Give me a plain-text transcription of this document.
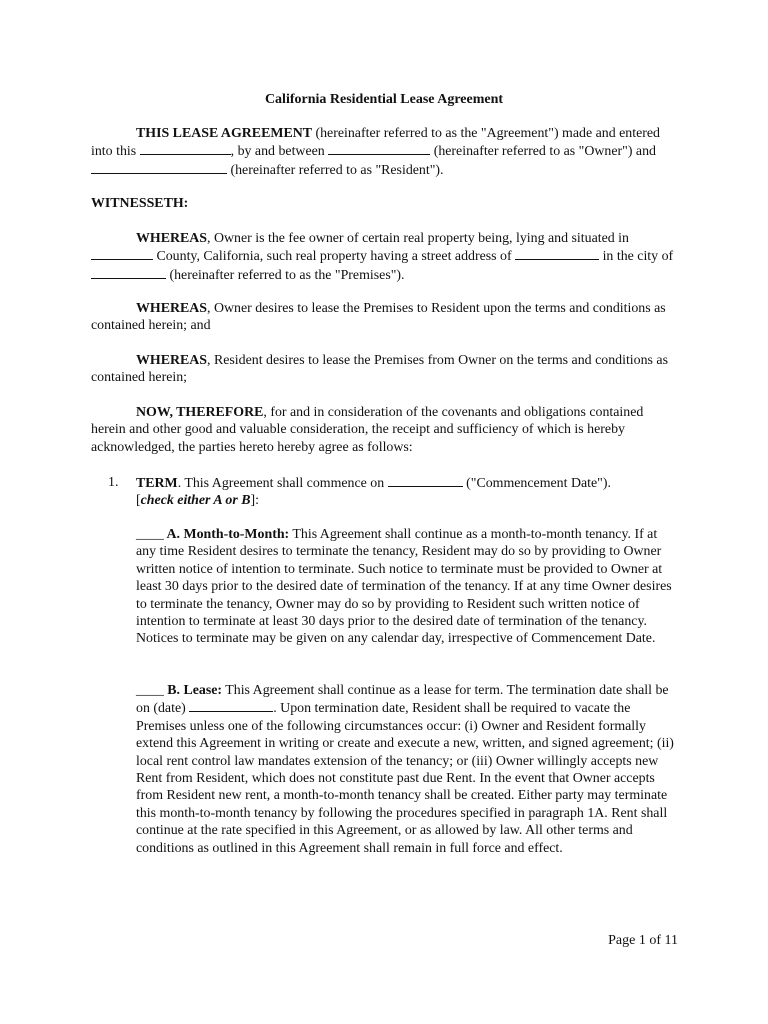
California Residential Lease Agreement

THIS LEASE AGREEMENT (hereinafter referred to as the "Agreement") made and entered into this	, by and between	(hereinafter referred to as "Owner") and  (hereinafter referred to as "Resident").

WITNESSETH:

WHEREAS, Owner is the fee owner of certain real property being, lying and situated in  County, California, such real property having a street address of	in the city of  (hereinafter referred to as the "Premises").

WHEREAS, Owner desires to lease the Premises to Resident upon the terms and conditions as contained herein; and

WHEREAS, Resident desires to lease the Premises from Owner on the terms and conditions as contained herein;

NOW, THEREFORE, for and in consideration of the covenants and obligations contained herein and other good and valuable consideration, the receipt and sufficiency of which is hereby acknowledged, the parties hereto hereby agree as follows:

1. TERM. This Agreement shall commence on	("Commencement Date").
[check either A or B]:

____ A. Month-to-Month: This Agreement shall continue as a month-to-month tenancy. If at any time Resident desires to terminate the tenancy, Resident may do so by providing to Owner written notice of intention to terminate. Such notice to terminate must be provided to Owner at least 30 days prior to the desired date of termination of the tenancy. If at any time Owner desires to terminate the tenancy, Owner may do so by providing to Resident such written notice of intention to terminate at least 30 days prior to the desired date of termination of the tenancy. Notices to terminate may be given on any calendar day, irrespective of Commencement Date.

____ B. Lease: This Agreement shall continue as a lease for term. The termination date shall be on (date)	. Upon termination date, Resident shall be required to vacate the Premises unless one of the following circumstances occur: (i) Owner and Resident formally extend this Agreement in writing or create and execute a new, written, and signed agreement; (ii) local rent control law mandates extension of the tenancy; or (iii) Owner willingly accepts new Rent from Resident, which does not constitute past due Rent. In the event that Owner accepts from Resident new rent, a month-to-month tenancy shall be created. Either party may terminate this month-to-month tenancy by following the procedures specified in paragraph 1A. Rent shall continue at the rate specified in this Agreement, or as allowed by law. All other terms and conditions as outlined in this Agreement shall remain in full force and effect.

Page 1 of 11
